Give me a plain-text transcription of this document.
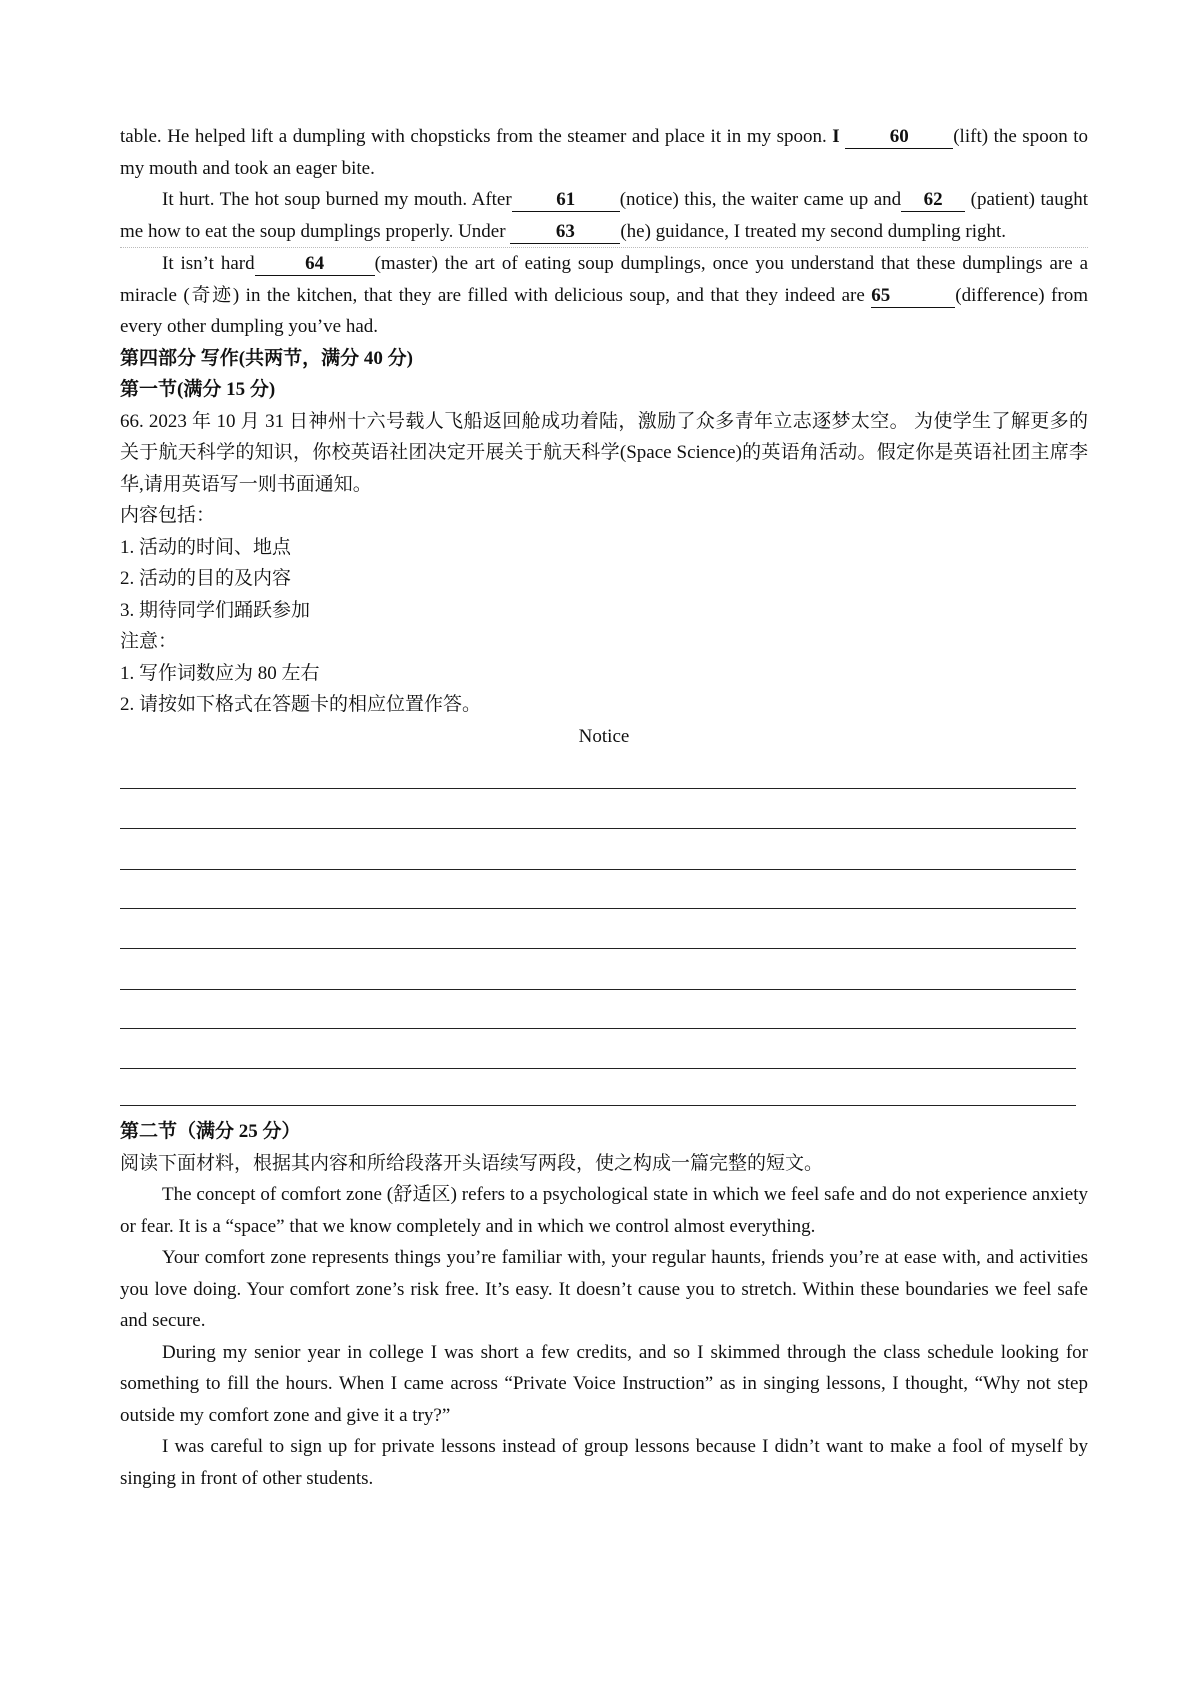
table. He helped lift a dumpling with chopsticks from the steamer and place it in my spoon. I	60 (lift) the spoon to my mouth and took an eager bite.

It hurt. The hot soup burned my mouth. After 61 (notice) this, the waiter came up and 62 (patient) taught me how to eat the soup dumplings properly. Under 63 (he) guidance, I treated my second dumpling right.

It isn’t hard	64	(master) the art of eating soup dumplings, once you understand that these dumplings are a miracle (奇迹) in the kitchen, that they are filled with delicious soup, and that they indeed are 65	(difference) from every other dumpling you’ve had.

第四部分 写作(共两节，满分 40 分)

第一节(满分 15 分)

66. 2023 年 10 月 31 日神州十六号载人飞船返回舱成功着陆，激励了众多青年立志逐梦太空。 为使学生了解更多的关于航天科学的知识，你校英语社团决定开展关于航天科学(Space Science)的英语角活动。假定你是英语社团主席李华,请用英语写一则书面通知。

内容包括：

1. 活动的时间、地点

2. 活动的目的及内容

3. 期待同学们踊跃参加

注意：

1. 写作词数应为 80 左右

2. 请按如下格式在答题卡的相应位置作答。

Notice

第二节（满分 25 分）

阅读下面材料，根据其内容和所给段落开头语续写两段，使之构成一篇完整的短文。

The concept of comfort zone (舒适区) refers to a psychological state in which we feel safe and do not experience anxiety or fear. It is a “space” that we know completely and in which we control almost everything.

Your comfort zone represents things you’re familiar with, your regular haunts, friends you’re at ease with, and activities you love doing. Your comfort zone’s risk free. It’s easy. It doesn’t cause you to stretch. Within these boundaries we feel safe and secure.

During my senior year in college I was short a few credits, and so I skimmed through the class schedule looking for something to fill the hours. When I came across “Private Voice Instruction” as in singing lessons, I thought, “Why not step outside my comfort zone and give it a try?”

I was careful to sign up for private lessons instead of group lessons because I didn’t want to make a fool of myself by singing in front of other students.
